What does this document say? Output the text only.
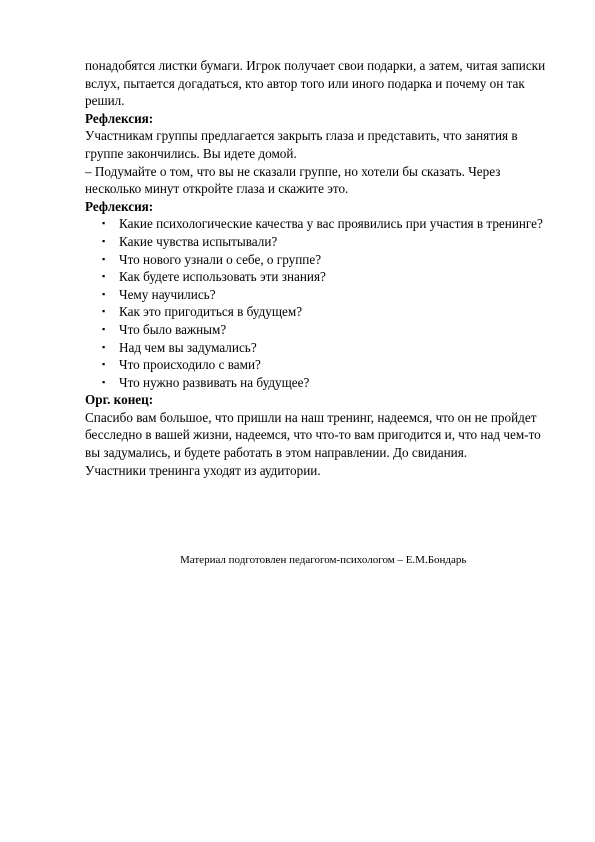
понадобятся листки бумаги. Игрок получает свои подарки, а затем, читая записки вслух, пытается догадаться, кто автор того или иного подарка и почему он так решил.

Рефлексия:

Участникам группы предлагается закрыть глаза и представить, что занятия в группе закончились. Вы идете домой.

– Подумайте о том, что вы не сказали группе, но хотели бы сказать. Через несколько минут откройте глаза и скажите это.

Рефлексия:

▪ Какие психологические качества у вас проявились при участия в тренинге?
▪ Какие чувства испытывали?
▪ Что нового узнали о себе, о группе?
▪ Как будете использовать эти знания?
▪ Чему научились?
▪ Как это пригодиться в будущем?
▪ Что было важным?
▪ Над чем вы задумались?
▪ Что происходило с вами?
▪ Что нужно развивать на будущее?

Орг. конец:

Спасибо вам большое, что пришли на наш тренинг, надеемся, что он не пройдет бесследно в вашей жизни, надеемся, что что-то вам пригодится и, что над чем-то вы задумались, и будете работать в этом направлении. До свидания.

Участники тренинга уходят из аудитории.

Материал подготовлен педагогом-психологом – Е.М.Бондарь
